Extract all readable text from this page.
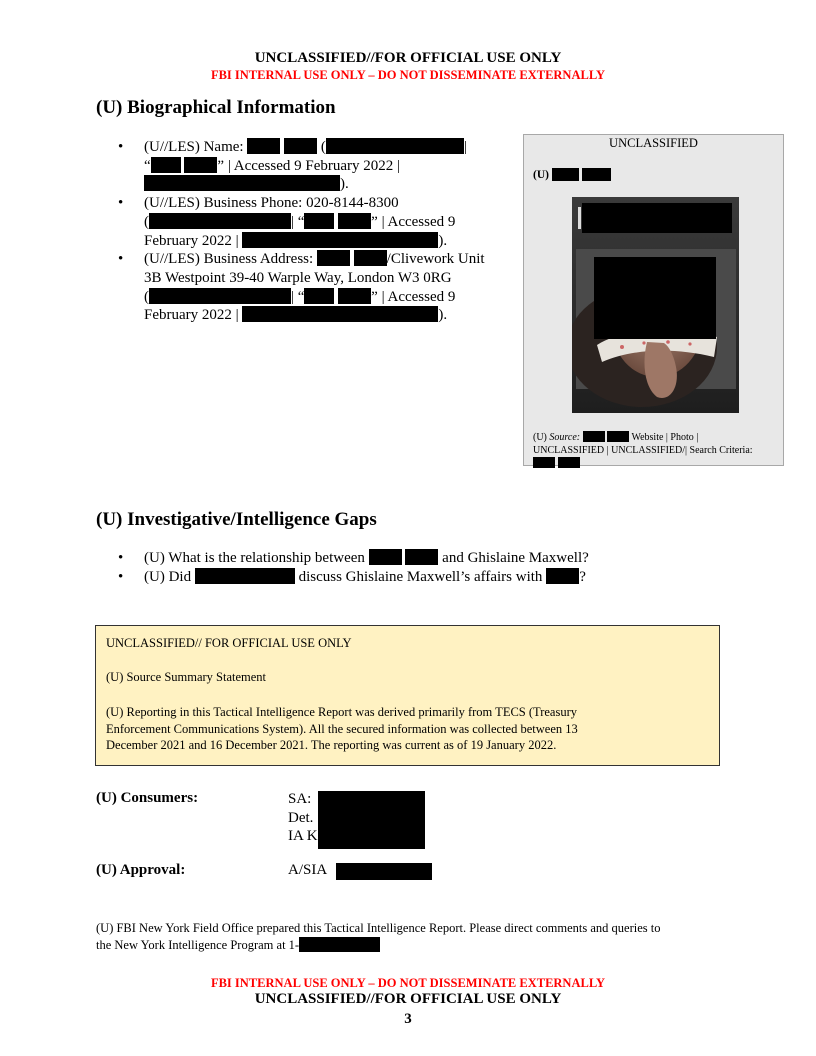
UNCLASSIFIED//FOR OFFICIAL USE ONLY
FBI INTERNAL USE ONLY – DO NOT DISSEMINATE EXTERNALLY
(U) Biographical Information
• (U//LES) Name:	(	|
“	” | Accessed 9 February 2022 |
).
• (U//LES) Business Phone: 020-8144-8300
(	| “	” | Accessed 9
February 2022 |	).
• (U//LES) Business Address:	/Clivework Unit
3B Westpoint 39-40 Warple Way, London W3 0RG
(	| “	” | Accessed 9
February 2022 |	).
UNCLASSIFIED
(U)
(U) Source:	Website | Photo |
UNCLASSIFIED | UNCLASSIFIED/| Search Criteria:

(U) Investigative/Intelligence Gaps
• (U) What is the relationship between	and Ghislaine Maxwell?
• (U) Did	discuss Ghislaine Maxwell’s affairs with ?
UNCLASSIFIED// FOR OFFICIAL USE ONLY
(U) Source Summary Statement
(U) Reporting in this Tactical Intelligence Report was derived primarily from TECS (Treasury
Enforcement Communications System). All the secured information was collected between 13
December 2021 and 16 December 2021. The reporting was current as of 19 January 2022.
(U) Consumers:	SA:
Det.
IA K
(U) Approval:	A/SIA
(U) FBI New York Field Office prepared this Tactical Intelligence Report. Please direct comments and queries to
the New York Intelligence Program at 1-
FBI INTERNAL USE ONLY – DO NOT DISSEMINATE EXTERNALLY
UNCLASSIFIED//FOR OFFICIAL USE ONLY
3
